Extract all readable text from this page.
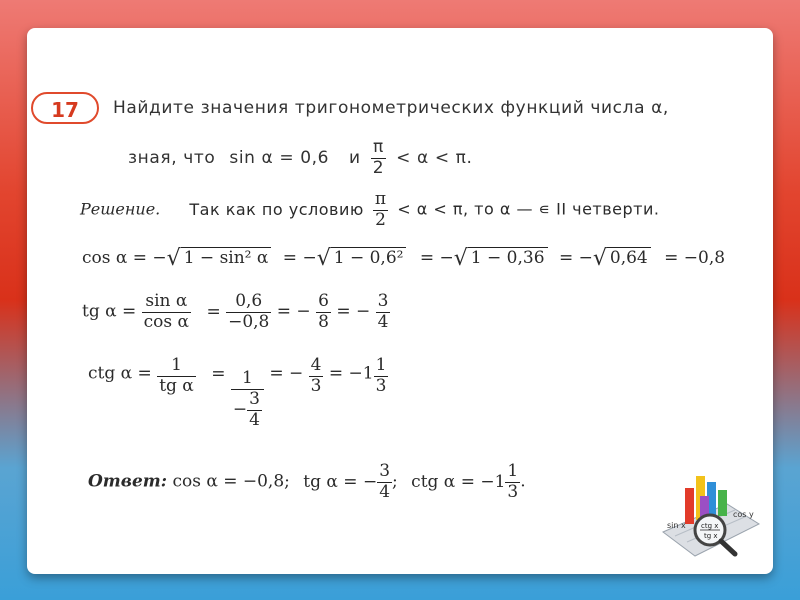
17	Найдите значения тригонометрических функций числа α,
зная, что sin α = 0,6 и $\frac{\pi}{2} < \alpha < \pi$.
Решение. Так как по условию $\frac{\pi}{2} < \alpha < \pi$, то α — ∊ II четверти.
cos α = −√ 1 − sin² α = −√ 1 − 0,6² = −√ 1 − 0,36 = −√ 0,64 = −0,8
tg $\alpha = \frac{\text{sin α}}{\text{cos α}} = \frac{0,6}{-0,8}$ = − $\frac{6}{8}$ = − $\frac{3}{4}$
ctg $\alpha = \frac{1}{\text{tg α}} = \frac{1}{- \frac{3}{4}}$ = − $\frac{4}{3} = -1 \frac{1}{3}$
Ответ: cos α = −0,8; tg α = − $\frac{3}{4}$ ; ctg $\alpha = -1 \frac{1}{3}$ .
sin x
cos y
ctg x
tg x
